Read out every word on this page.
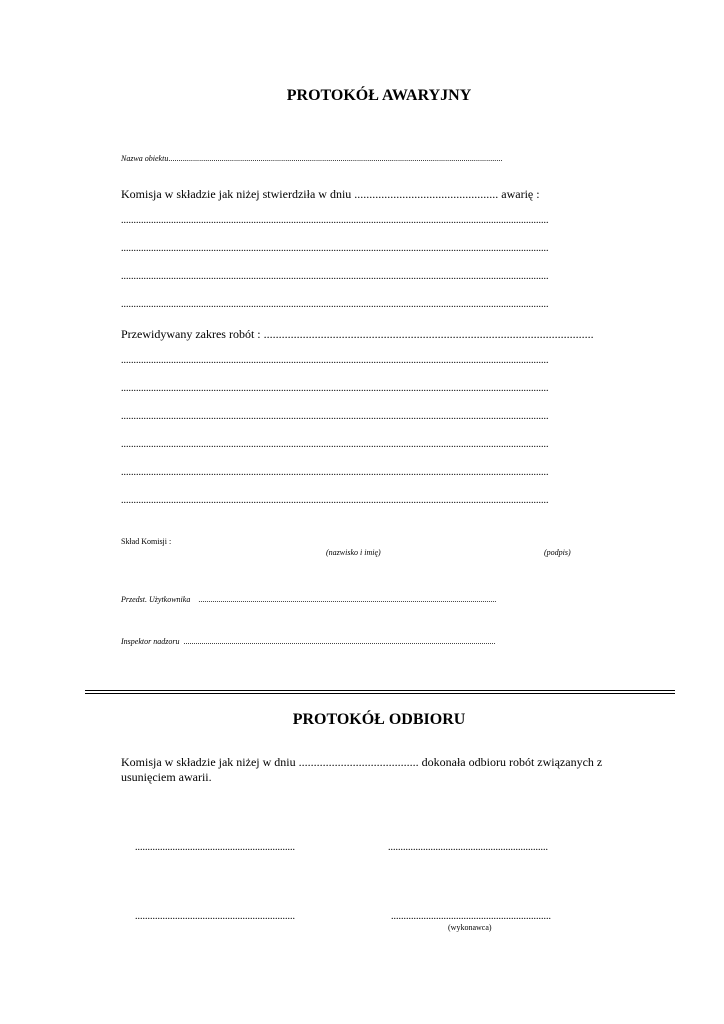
PROTOKÓŁ AWARYJNY
Nazwa obiektu...................................................................................................................................................................
Komisja w składzie jak niżej stwierdziła w dniu ................................................ awarię :
...........................................................................................................................................................................
...........................................................................................................................................................................
...........................................................................................................................................................................
...........................................................................................................................................................................
Przewidywany zakres robót : ..............................................................................................................
...........................................................................................................................................................................
...........................................................................................................................................................................
...........................................................................................................................................................................
...........................................................................................................................................................................
...........................................................................................................................................................................
...........................................................................................................................................................................
Skład Komisji :
(nazwisko i imię)	(podpis)
Przedst. Użytkownika .....................................................................................................................................................
Inspektor nadzoru ............................................................................................................................................................
PROTOKÓŁ ODBIORU
Komisja w składzie jak niżej w dniu ........................................ dokonała odbioru robót związanych z
usunięciem awarii.
................................................................	................................................................
................................................................	................................................................
(wykonawca)
